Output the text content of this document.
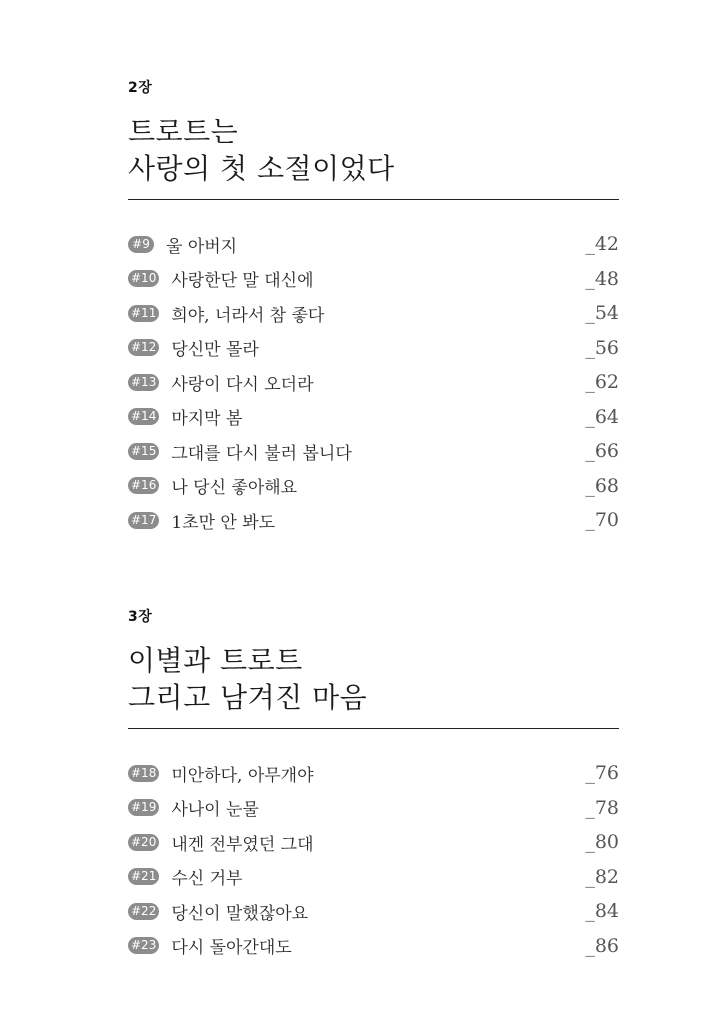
2장
트로트는
사랑의 첫 소절이었다
#9 울 아버지	_42
#10 사랑한단 말 대신에	_48
#11 희야, 너라서 참 좋다	_54
#12 당신만 몰라	_56
#13 사랑이 다시 오더라	_62
#14 마지막 봄	_64
#15 그대를 다시 불러 봅니다	_66
#16 나 당신 좋아해요	_68
#17 1초만 안 봐도	_70
3장
이별과 트로트
그리고 남겨진 마음
#18 미안하다, 아무개야	_76
#19 사나이 눈물	_78
#20 내겐 전부였던 그대	_80
#21 수신 거부	_82
#22 당신이 말했잖아요	_84
#23 다시 돌아간대도	_86
